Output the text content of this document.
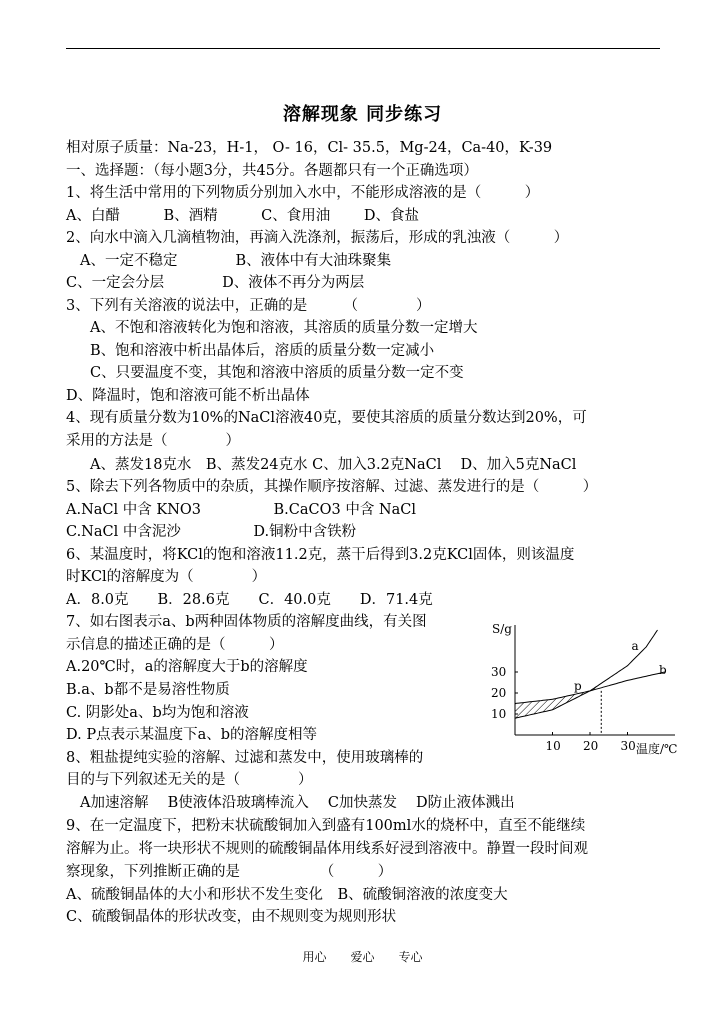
溶解现象 同步练习
相对原子质量：Na-23，H-1， O- 16，Cl- 35.5，Mg-24，Ca-40，K-39
一、选择题：（每小题3分，共45分。各题都只有一个正确选项）
1、将生活中常用的下列物质分别加入水中，不能形成溶液的是（　　　）
A、白醋　　　B、酒精　　　C、食用油　　 D、食盐
2、向水中滴入几滴植物油，再滴入洗涤剂，振荡后，形成的乳浊液（　　　）
A、一定不稳定　　　　B、液体中有大油珠聚集
C、一定会分层　　　　D、液体不再分为两层
3、下列有关溶液的说法中，正确的是　　　（　　　　）
A、不饱和溶液转化为饱和溶液，其溶质的质量分数一定增大
B、饱和溶液中析出晶体后，溶质的质量分数一定减小
C、只要温度不变，其饱和溶液中溶质的质量分数一定不变
D、降温时，饱和溶液可能不析出晶体
4、现有质量分数为10%的NaCl溶液40克，要使其溶质的质量分数达到20%，可
采用的方法是（　　　　）
A、蒸发18克水　B、蒸发24克水 C、加入3.2克NaCl　 D、加入5克NaCl
5、除去下列各物质中的杂质，其操作顺序按溶解、过滤、蒸发进行的是（　　　）
A.NaCl 中含 KNO3　　　　　B.CaCO3 中含 NaCl
C.NaCl 中含泥沙　　　　　D.铜粉中含铁粉
6、某温度时，将KCl的饱和溶液11.2克，蒸干后得到3.2克KCl固体，则该温度
时KCl的溶解度为（　　　　）
A．8.0克　　B．28.6克　　C．40.0克　　D．71.4克
7、如右图表示a、b两种固体物质的溶解度曲线，有关图
示信息的描述正确的是（　　　）
A.20℃时，a的溶解度大于b的溶解度
B.a、b都不是易溶性物质
C. 阴影处a、b均为饱和溶液
D. P点表示某温度下a、b的溶解度相等
8、粗盐提纯实验的溶解、过滤和蒸发中，使用玻璃棒的
目的与下列叙述无关的是（　　　　）
A加速溶解　 B使液体沿玻璃棒流入　 C加快蒸发　 D防止液体溅出
9、在一定温度下，把粉末状硫酸铜加入到盛有100ml水的烧杯中，直至不能继续
溶解为止。将一块形状不规则的硫酸铜晶体用线系好浸到溶液中。静置一段时间观
察现象，下列推断正确的是　　　　　　（　　　）
A、硫酸铜晶体的大小和形状不发生变化　B、硫酸铜溶液的浓度变大
C、硫酸铜晶体的形状改变，由不规则变为规则形状
10 20 30
10
20
30
a
b
S/g
温度/℃
p
用心　　爱心　　专心
